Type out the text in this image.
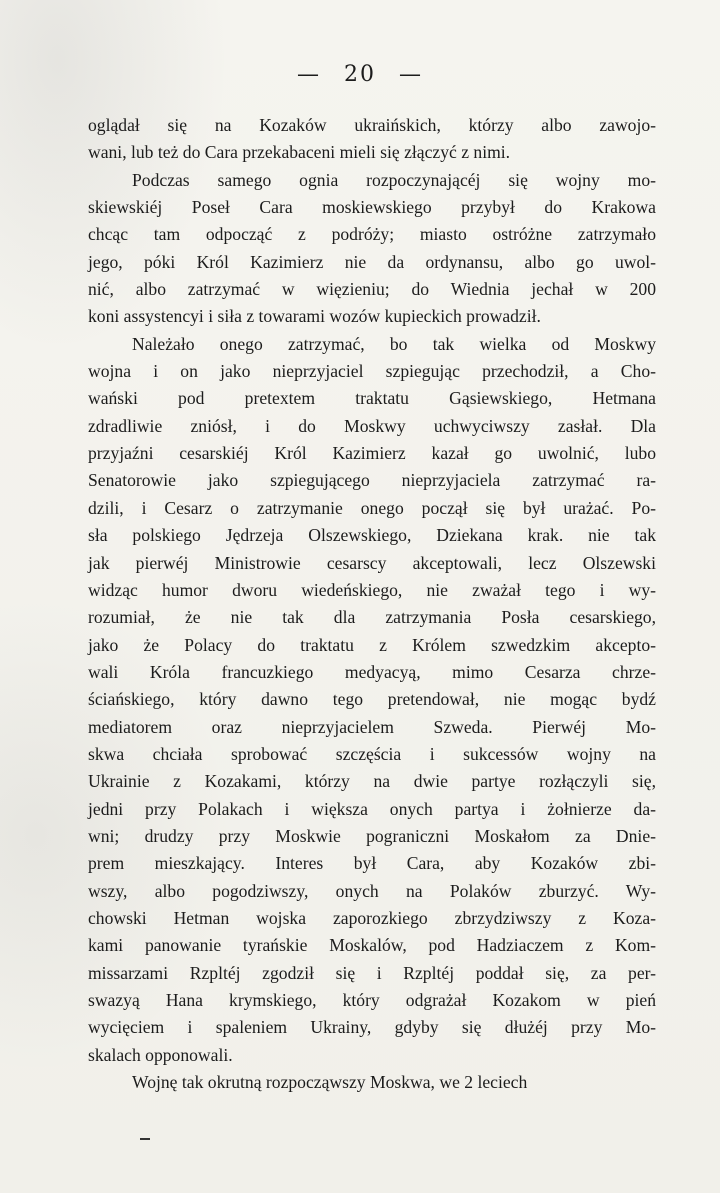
— 20 —
oglądał się na Kozaków ukraińskich, którzy albo zawojo-
wani, lub też do Cara przekabaceni mieli się złączyć z nimi.
Podczas samego ognia rozpoczynającéj się wojny mo-
skiewskiéj Poseł Cara moskiewskiego przybył do Krakowa
chcąc tam odpocząć z podróży; miasto ostróżne zatrzymało
jego, póki Król Kazimierz nie da ordynansu, albo go uwol-
nić, albo zatrzymać w więzieniu; do Wiednia jechał w 200
koni assystencyi i siła z towarami wozów kupieckich prowadził.
Należało onego zatrzymać, bo tak wielka od Moskwy
wojna i on jako nieprzyjaciel szpiegując przechodził, a Cho-
wański pod pretextem traktatu Gąsiewskiego, Hetmana
zdradliwie zniósł, i do Moskwy uchwyciwszy zasłał. Dla
przyjaźni cesarskiéj Król Kazimierz kazał go uwolnić, lubo
Senatorowie jako szpiegującego nieprzyjaciela zatrzymać ra-
dzili, i Cesarz o zatrzymanie onego począł się był urażać. Po-
sła polskiego Jędrzeja Olszewskiego, Dziekana krak. nie tak
jak pierwéj Ministrowie cesarscy akceptowali, lecz Olszewski
widząc humor dworu wiedeńskiego, nie zważał tego i wy-
rozumiał, że nie tak dla zatrzymania Posła cesarskiego,
jako że Polacy do traktatu z Królem szwedzkim akcepto-
wali Króla francuzkiego medyacyą, mimo Cesarza chrze-
ściańskiego, który dawno tego pretendował, nie mogąc bydź
mediatorem oraz nieprzyjacielem Szweda. Pierwéj Mo-
skwa chciała sprobować szczęścia i sukcessów wojny na
Ukrainie z Kozakami, którzy na dwie partye rozłączyli się,
jedni przy Polakach i większa onych partya i żołnierze da-
wni; drudzy przy Moskwie pograniczni Moskałom za Dnie-
prem mieszkający. Interes był Cara, aby Kozaków zbi-
wszy, albo pogodziwszy, onych na Polaków zburzyć. Wy-
chowski Hetman wojska zaporozkiego zbrzydziwszy z Koza-
kami panowanie tyrańskie Moskalów, pod Hadziaczem z Kom-
missarzami Rzpltéj zgodził się i Rzpltéj poddał się, za per-
swazyą Hana krymskiego, który odgrażał Kozakom w pień
wycięciem i spaleniem Ukrainy, gdyby się dłużéj przy Mo-
skalach opponowali.
Wojnę tak okrutną rozpocząwszy Moskwa, we 2 leciech
